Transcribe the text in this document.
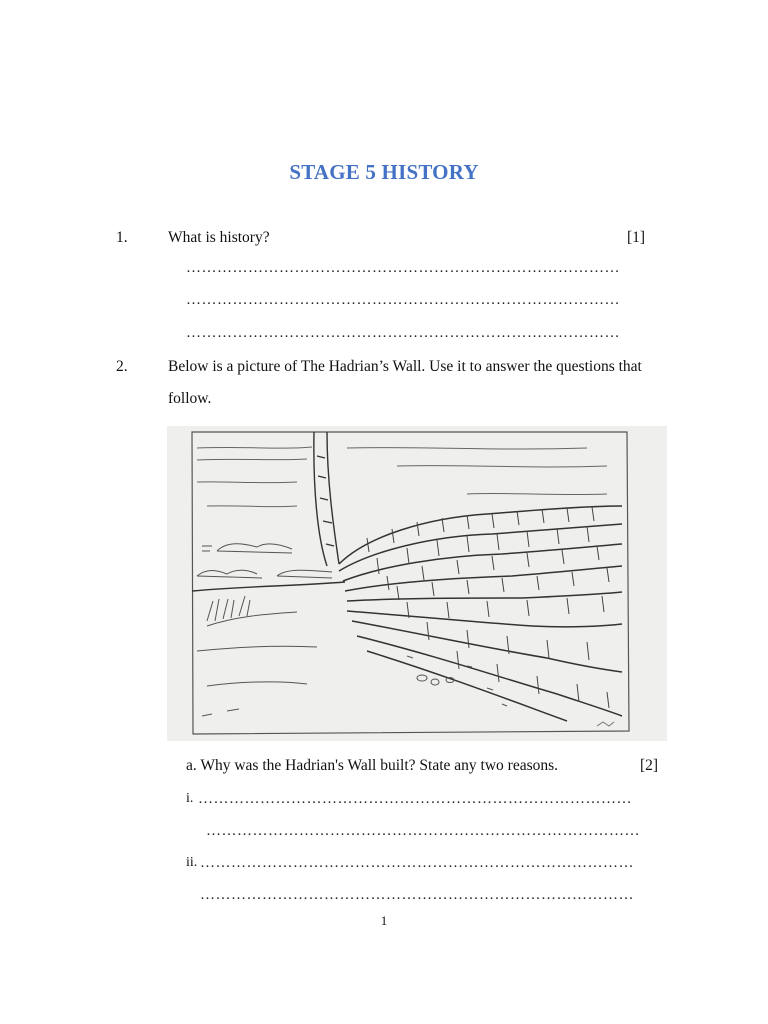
STAGE 5 HISTORY
1.	What is history?	[1]
…………………………………………………………………………
…………………………………………………………………………
…………………………………………………………………………
2.	Below is a picture of The Hadrian’s Wall. Use it to answer the questions that follow.
a. Why was the Hadrian's Wall built? State any two reasons.	[2]
i. …………………………………………………………………………
…………………………………………………………………………
ii. …………………………………………………………………………
…………………………………………………………………………
1
